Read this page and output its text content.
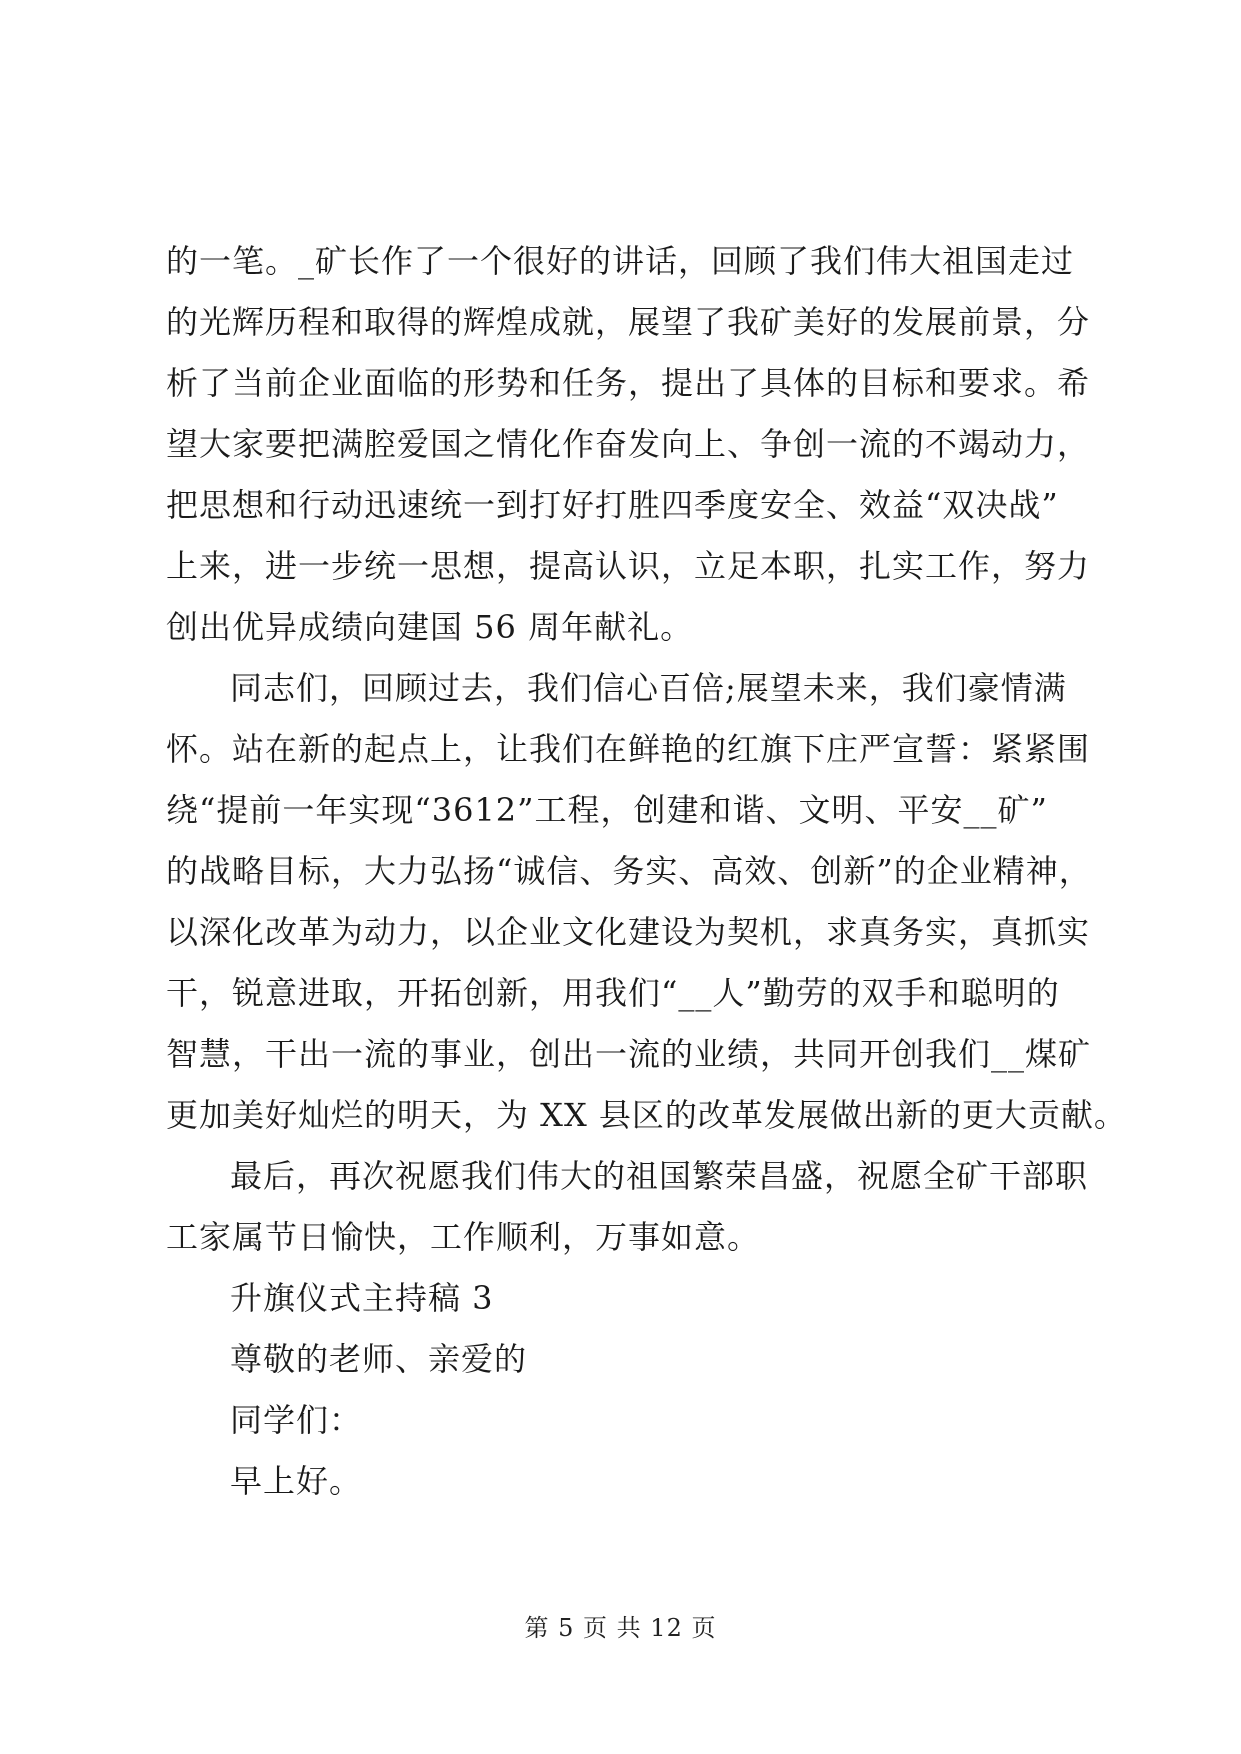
的一笔。_矿长作了一个很好的讲话，回顾了我们伟大祖国走过
的光辉历程和取得的辉煌成就，展望了我矿美好的发展前景，分
析了当前企业面临的形势和任务，提出了具体的目标和要求。希
望大家要把满腔爱国之情化作奋发向上、争创一流的不竭动力，
把思想和行动迅速统一到打好打胜四季度安全、效益“双决战”
上来，进一步统一思想，提高认识，立足本职，扎实工作，努力
创出优异成绩向建国 56 周年献礼。
同志们，回顾过去，我们信心百倍;展望未来，我们豪情满
怀。站在新的起点上，让我们在鲜艳的红旗下庄严宣誓：紧紧围
绕“提前一年实现“3612”工程，创建和谐、文明、平安__矿”
的战略目标，大力弘扬“诚信、务实、高效、创新”的企业精神，
以深化改革为动力，以企业文化建设为契机，求真务实，真抓实
干，锐意进取，开拓创新，用我们“__人”勤劳的双手和聪明的
智慧，干出一流的事业，创出一流的业绩，共同开创我们__煤矿
更加美好灿烂的明天，为 XX 县区的改革发展做出新的更大贡献。
最后，再次祝愿我们伟大的祖国繁荣昌盛，祝愿全矿干部职
工家属节日愉快，工作顺利，万事如意。
升旗仪式主持稿 3
尊敬的老师、亲爱的
同学们：
早上好。
第 5 页 共 12 页
